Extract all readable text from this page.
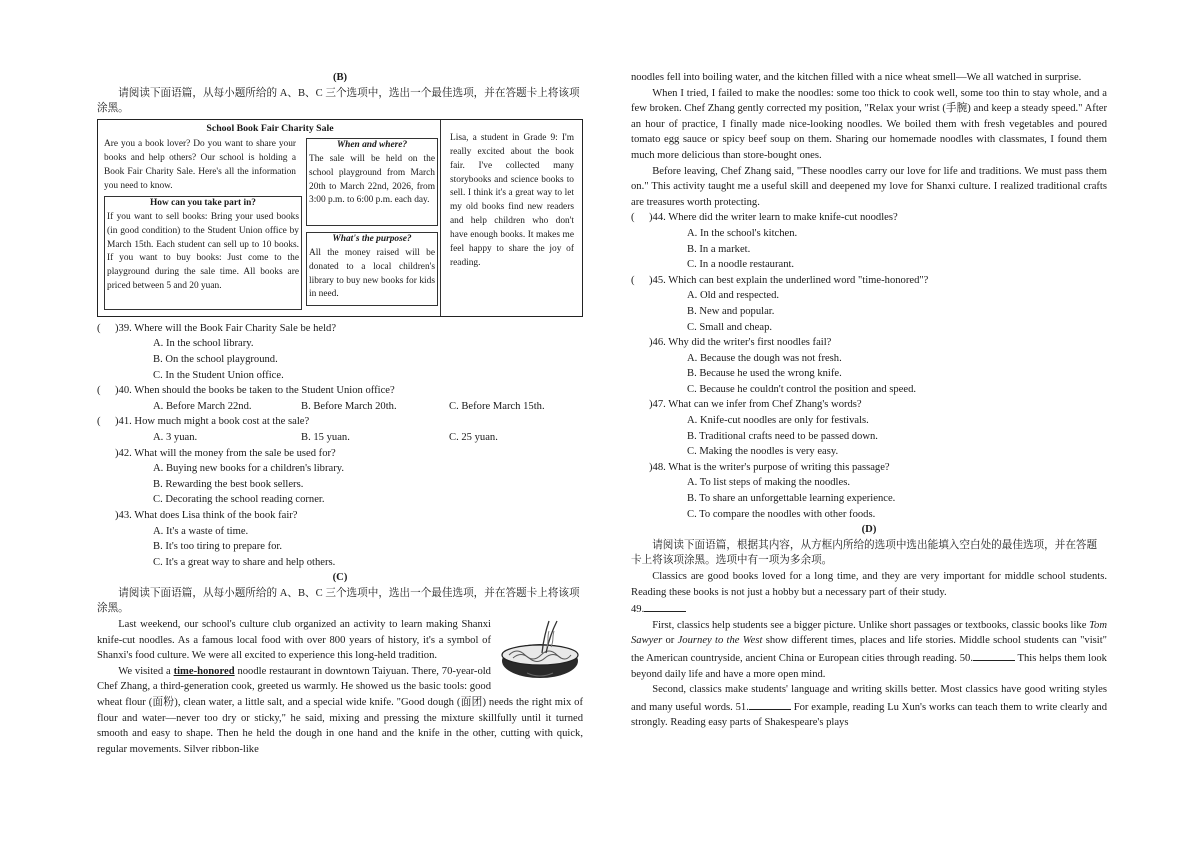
(B)

请阅读下面语篇，从每小题所给的 A、B、C 三个选项中，选出一个最佳选项，并在答题卡上将该项涂黑。

School Book Fair Charity Sale

Are you a book lover? Do you want to share your books and help others? Our school is holding a Book Fair Charity Sale. Here's all the information you need to know.

How can you take part in?

If you want to sell books: Bring your used books (in good condition) to the Student Union office by March 15th. Each student can sell up to 10 books. If you want to buy books: Just come to the playground during the sale time. All books are priced between 5 and 20 yuan.

When and where?

The sale will be held on the school playground from March 20th to March 22nd, 2026, from 3:00 p.m. to 6:00 p.m. each day.

What's the purpose?

All the money raised will be donated to a local children's library to buy new books for kids in need.

Lisa, a student in Grade 9: I'm really excited about the book fair. I've collected many storybooks and science books to sell. I think it's a great way to let my old books find new readers and help children who don't have enough books. It makes me feel happy to share the joy of reading.

(	)39. Where will the Book Fair Charity Sale be held?

A. In the school library.

B. On the school playground.

C. In the Student Union office.

(	)40. When should the books be taken to the Student Union office?
A. Before March 22nd.	B. Before March 20th.	C. Before March 15th.
(	)41. How much might a book cost at the sale?
A. 3 yuan.	B. 15 yuan.	C. 25 yuan.
)42. What will the money from the sale be used for?

A. Buying new books for a children's library.

B. Rewarding the best book sellers.

C. Decorating the school reading corner.

)43. What does Lisa think of the book fair?

A. It's a waste of time.

B. It's too tiring to prepare for.

C. It's a great way to share and help others.

(C)

请阅读下面语篇，从每小题所给的 A、B、C 三个选项中，选出一个最佳选项，并在答题卡上将该项涂黑。

Last weekend, our school's culture club organized an activity to learn making Shanxi knife-cut noodles. As a famous local food with over 800 years of history, it's a symbol of Shanxi's food culture. We were all excited to experience this long-held tradition.

We visited a time-honored noodle restaurant in downtown Taiyuan. There, 70-year-old Chef Zhang, a third-generation cook, greeted us warmly. He showed us the basic tools: good wheat flour (面粉), clean water, a little salt, and a special wide knife. "Good dough (面团) needs the right mix of flour and water—never too dry or sticky," he said, mixing and pressing the mixture skillfully until it turned smooth and easy to shape. Then he held the dough in one hand and the knife in the other, cutting with quick, regular movements. Silver ribbon-like

noodles fell into boiling water, and the kitchen filled with a nice wheat smell—We all watched in surprise.

When I tried, I failed to make the noodles: some too thick to cook well, some too thin to stay whole, and a few broken. Chef Zhang gently corrected my position, "Relax your wrist (手腕) and keep a steady speed." After an hour of practice, I finally made nice-looking noodles. We boiled them with fresh vegetables and poured tomato egg sauce or spicy beef soup on them. Sharing our homemade noodles with classmates, I found them much more delicious than store-bought ones.

Before leaving, Chef Zhang said, "These noodles carry our love for life and traditions. We must pass them on." This activity taught me a useful skill and deepened my love for Shanxi culture. I realized traditional crafts are treasures worth protecting.

(	)44. Where did the writer learn to make knife-cut noodles?

A. In the school's kitchen.

B. In a market.

C. In a noodle restaurant.

(	)45. Which can best explain the underlined word "time-honored"?

A. Old and respected.

B. New and popular.

C. Small and cheap.

)46. Why did the writer's first noodles fail?

A. Because the dough was not fresh.

B. Because he used the wrong knife.

C. Because he couldn't control the position and speed.

)47. What can we infer from Chef Zhang's words?

A. Knife-cut noodles are only for festivals.

B. Traditional crafts need to be passed down.

C. Making the noodles is very easy.

)48. What is the writer's purpose of writing this passage?

A. To list steps of making the noodles.

B. To share an unforgettable learning experience.

C. To compare the noodles with other foods.

(D)

请阅读下面语篇，根据其内容，从方框内所给的选项中选出能填入空白处的最佳选项，并在答题卡上将该项涂黑。选项中有一项为多余项。

Classics are good books loved for a long time, and they are very important for middle school students. Reading these books is not just a hobby but a necessary part of their study.

49.

First, classics help students see a bigger picture. Unlike short passages or textbooks, classic books like Tom Sawyer or Journey to the West show different times, places and life stories. Middle school students can "visit" the American countryside, ancient China or European cities through reading. 50.	This helps them look beyond daily life and have a more open mind.

Second, classics make students' language and writing skills better. Most classics have good writing styles and many useful words. 51.	For example, reading Lu Xun's works can teach them to write clearly and strongly. Reading easy parts of Shakespeare's plays
